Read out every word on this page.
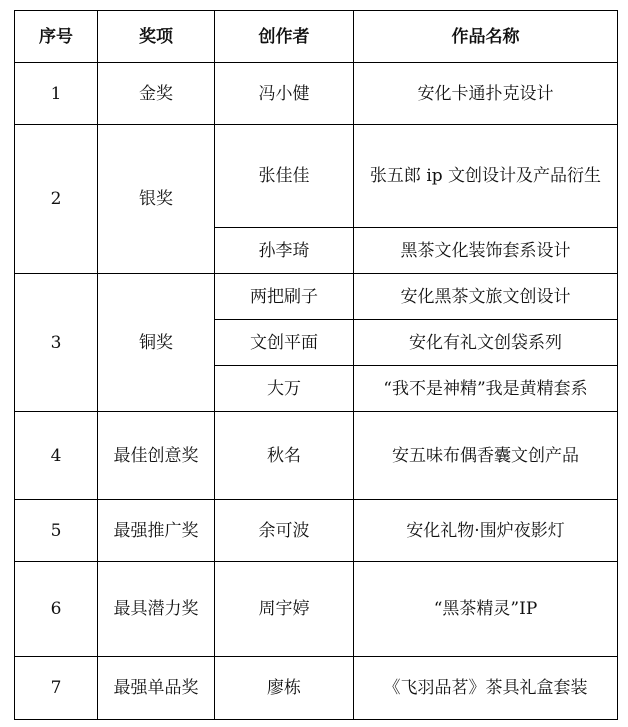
序号	奖项	创作者	作品名称
1	金奖	冯小健	安化卡通扑克设计
2	银奖	张佳佳	张五郎 ip 文创设计及产品衍生
		孙李琦	黑茶文化装饰套系设计
3	铜奖	两把刷子	安化黑茶文旅文创设计
		文创平面	安化有礼文创袋系列
		大万	“我不是神精”我是黄精套系
4	最佳创意奖	秋名	安五味布偶香囊文创产品
5	最强推广奖	余可波	安化礼物·围炉夜影灯
6	最具潜力奖	周宇婷	“黑茶精灵”IP
7	最强单品奖	廖栋	《飞羽品茗》茶具礼盒套装
